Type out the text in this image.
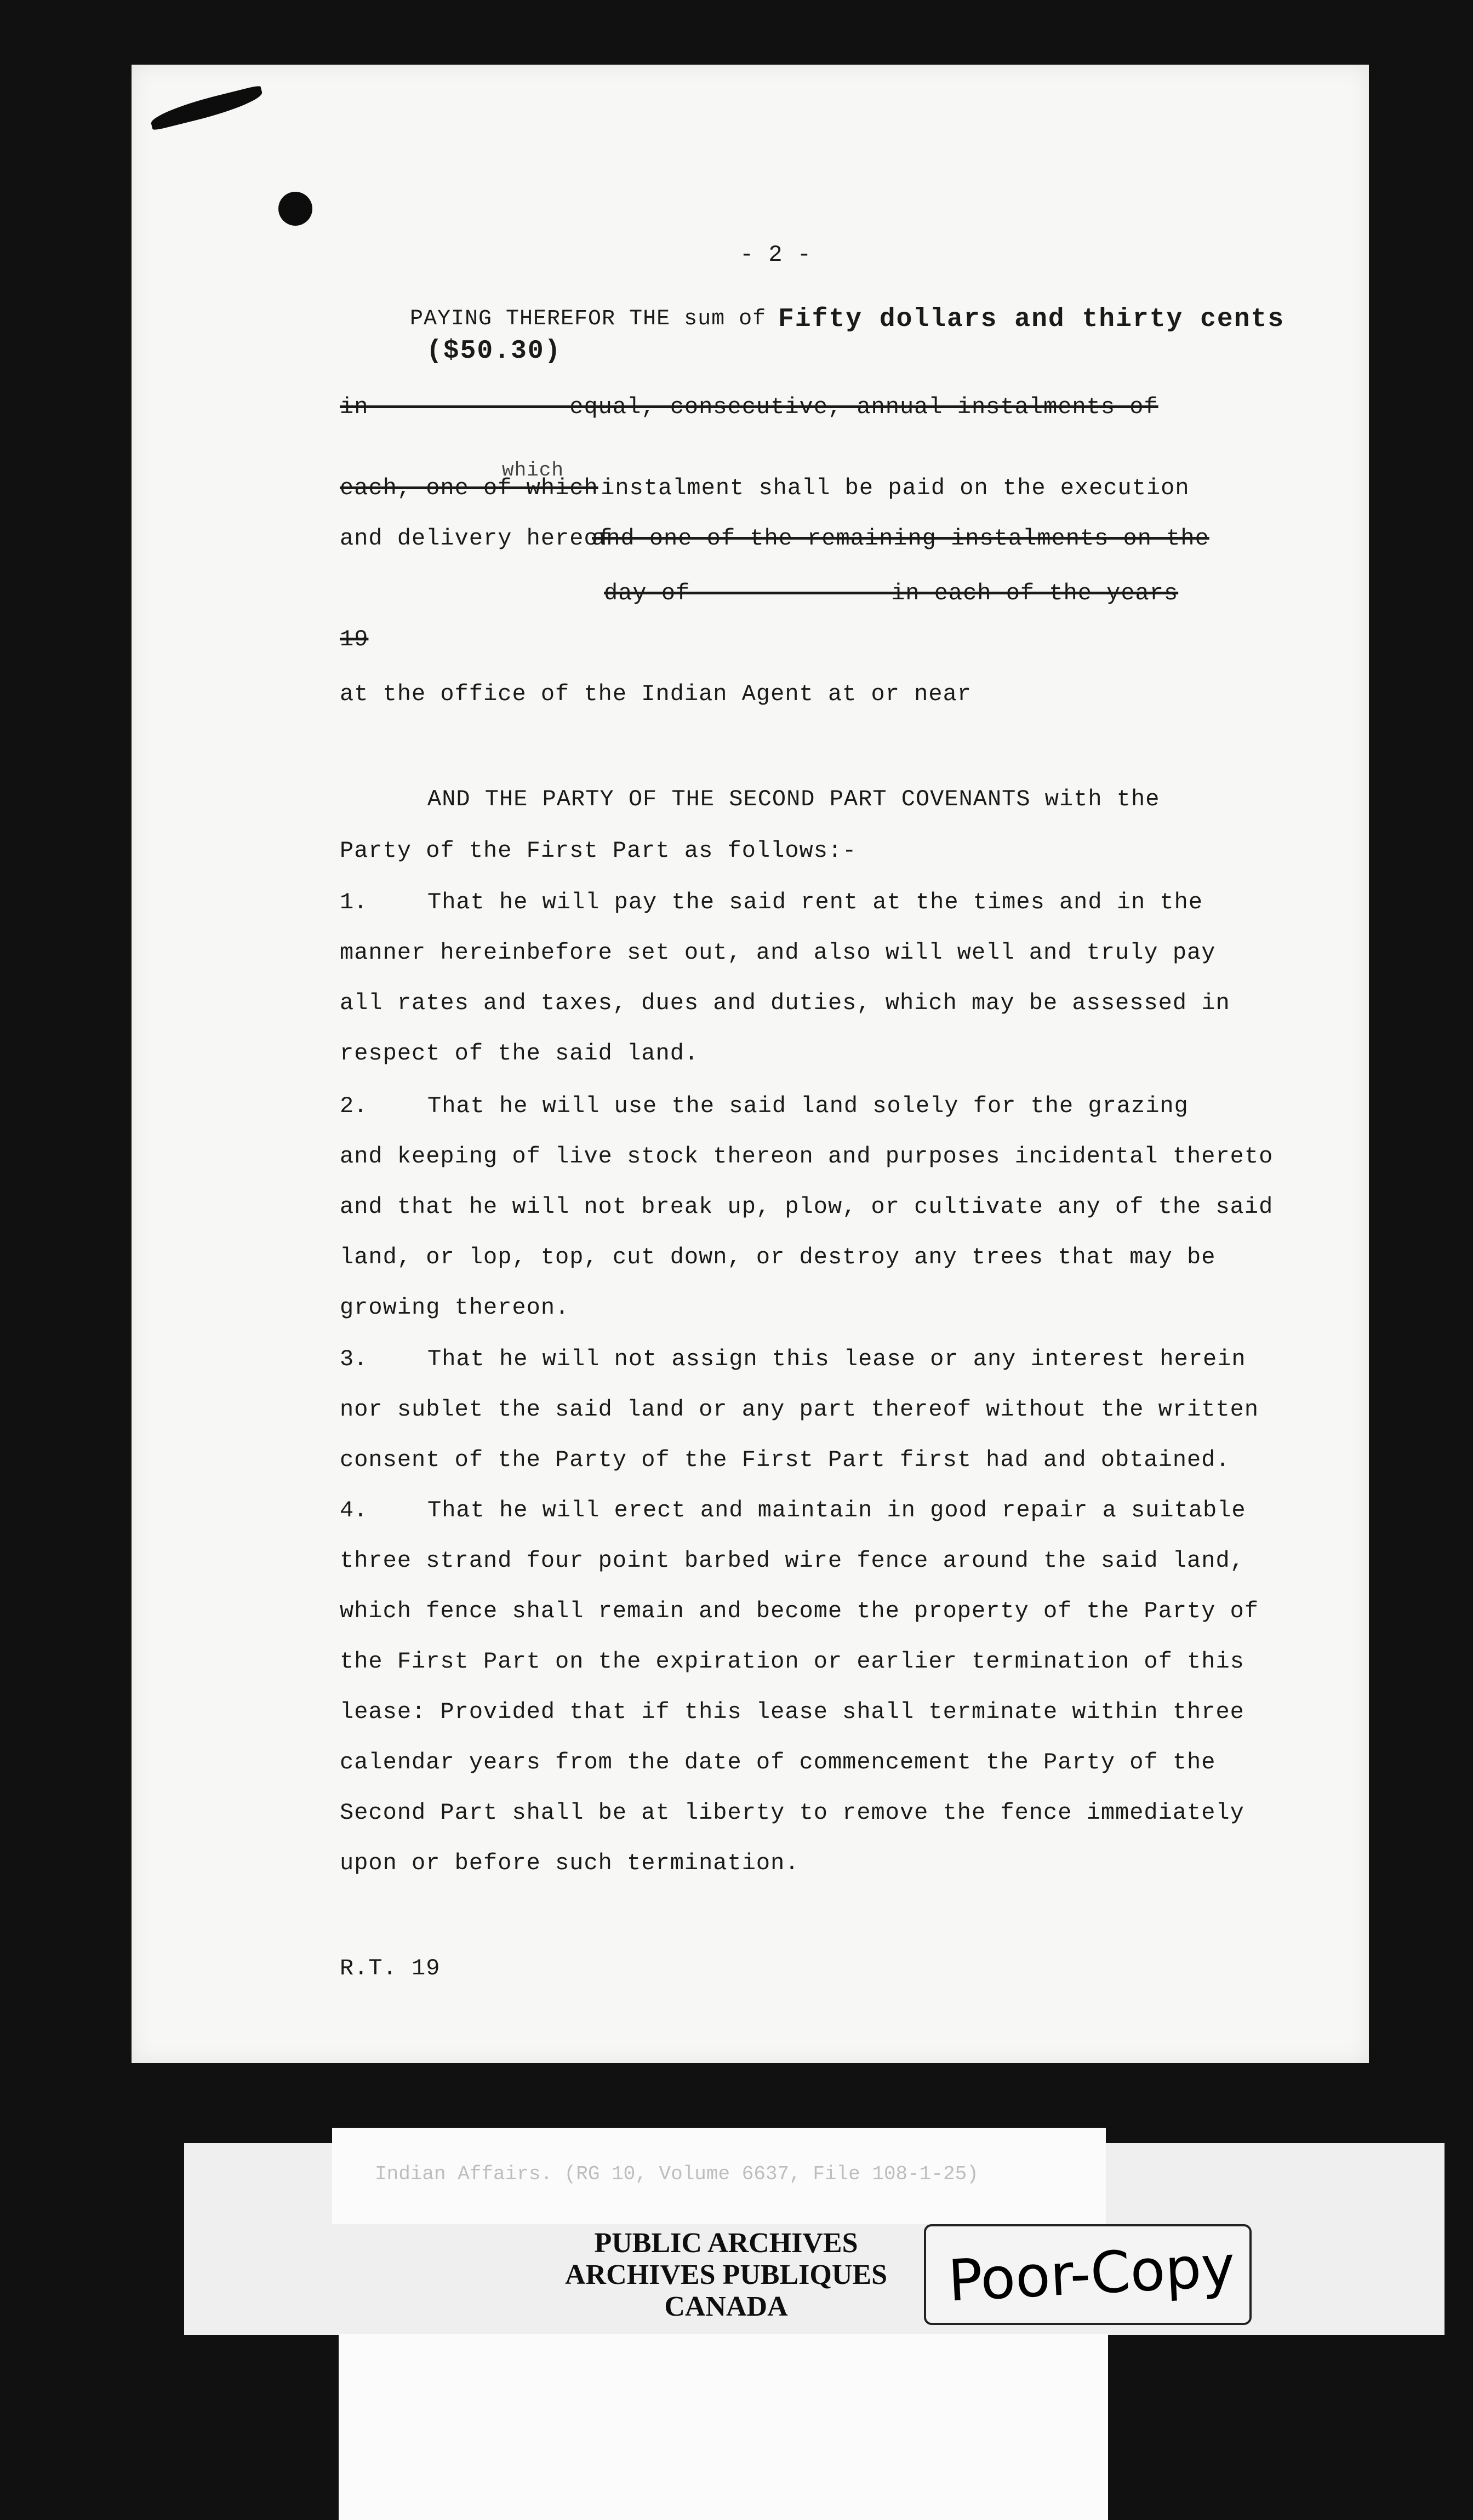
- 2 -
PAYING THEREFOR THE sum of Fifty dollars and thirty cents
($50.30)
in              equal, consecutive, annual instalments of
which
each, one of which
instalment shall be paid on the execution
and delivery hereof
and one of the remaining instalments on the
day of              in each of the years
19
at the office of the Indian Agent at or near
AND THE PARTY OF THE SECOND PART COVENANTS with the
Party of the First Part as follows:-
1.	That he will pay the said rent at the times and in the
manner hereinbefore set out, and also will well and truly pay
all rates and taxes, dues and duties, which may be assessed in
respect of the said land.
2.	That he will use the said land solely for the grazing
and keeping of live stock thereon and purposes incidental thereto
and that he will not break up, plow, or cultivate any of the said
land, or lop, top, cut down, or destroy any trees that may be
growing thereon.
3.	That he will not assign this lease or any interest herein
nor sublet the said land or any part thereof without the written
consent of the Party of the First Part first had and obtained.
4.	That he will erect and maintain in good repair a suitable
three strand four point barbed wire fence around the said land,
which fence shall remain and become the property of the Party of
the First Part on the expiration or earlier termination of this
lease: Provided that if this lease shall terminate within three
calendar years from the date of commencement the Party of the
Second Part shall be at liberty to remove the fence immediately
upon or before such termination.
R.T. 19
Indian Affairs. (RG 10, Volume 6637, File 108-1-25)
PUBLIC ARCHIVES
ARCHIVES PUBLIQUES
CANADA	Poor-Copy
